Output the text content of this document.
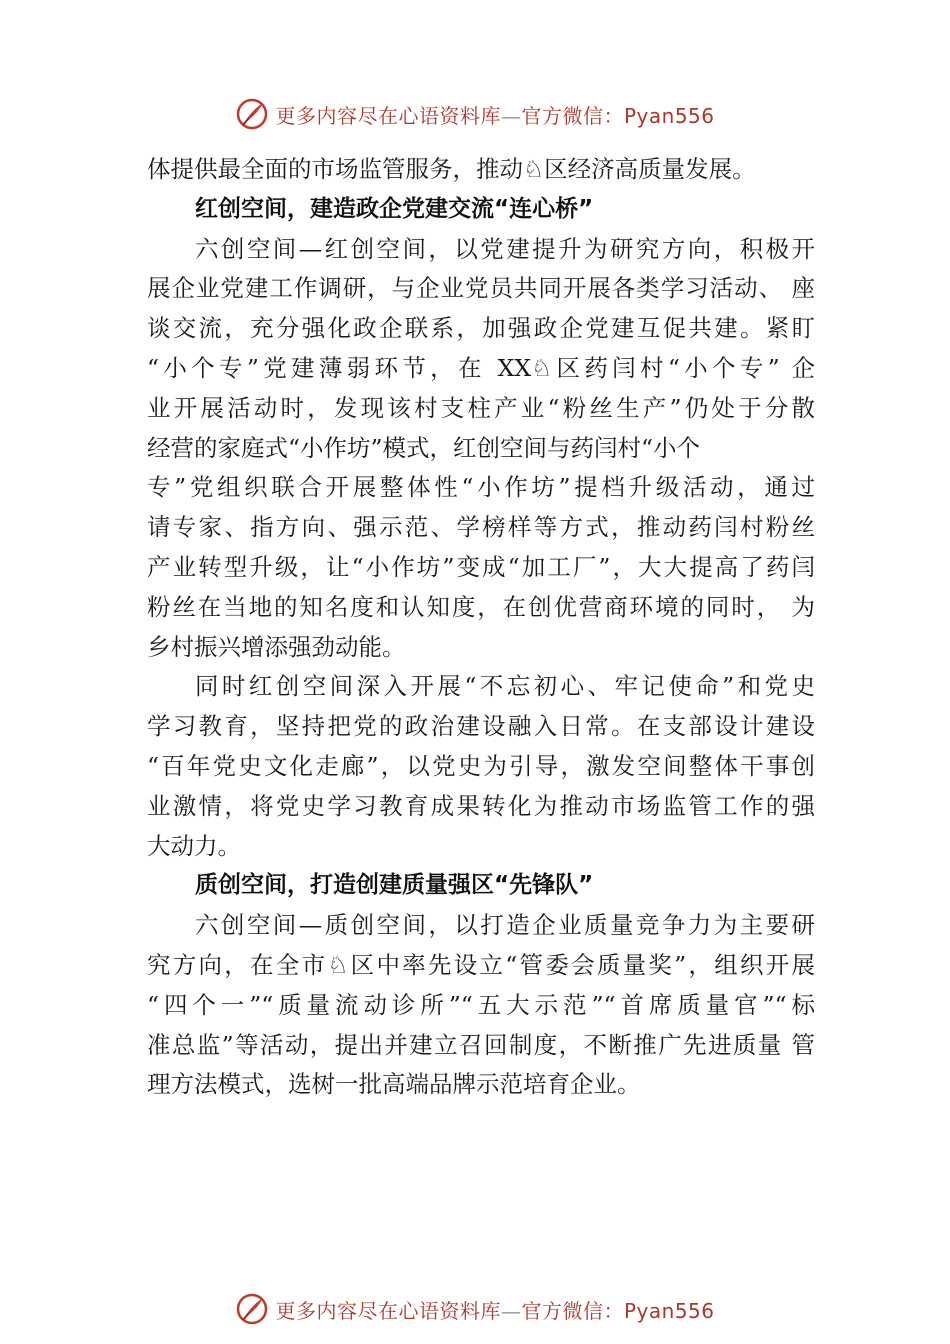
更多内容尽在心语资料库—官方微信：Pyan556
体提供最全面的市场监管服务，推动♘区经济高质量发展。
红创空间，建造政企党建交流“连心桥”
六创空间—红创空间，以党建提升为研究方向，积极开
展企业党建工作调研，与企业党员共同开展各类学习活动、 座
谈交流，充分强化政企联系，加强政企党建互促共建。紧盯
“小个专”党建薄弱环节，在 XX♘区药闫村“小个专” 企
业开展活动时，发现该村支柱产业“粉丝生产”仍处于分散
经营的家庭式“小作坊”模式，红创空间与药闫村“小个
专”党组织联合开展整体性“小作坊”提档升级活动，通过
请专家、指方向、强示范、学榜样等方式，推动药闫村粉丝
产业转型升级，让“小作坊”变成“加工厂”，大大提高了药闫
粉丝在当地的知名度和认知度，在创优营商环境的同时， 为
乡村振兴增添强劲动能。
同时红创空间深入开展“不忘初心、牢记使命”和党史
学习教育，坚持把党的政治建设融入日常。在支部设计建设
“百年党史文化走廊”，以党史为引导，激发空间整体干事创
业激情，将党史学习教育成果转化为推动市场监管工作的强
大动力。
质创空间，打造创建质量强区“先锋队”
六创空间—质创空间，以打造企业质量竞争力为主要研
究方向，在全市♘区中率先设立“管委会质量奖”，组织开展
“四个一”“质量流动诊所”“五大示范”“首席质量官”“标
准总监”等活动，提出并建立召回制度，不断推广先进质量 管
理方法模式，选树一批高端品牌示范培育企业。
更多内容尽在心语资料库—官方微信：Pyan556
